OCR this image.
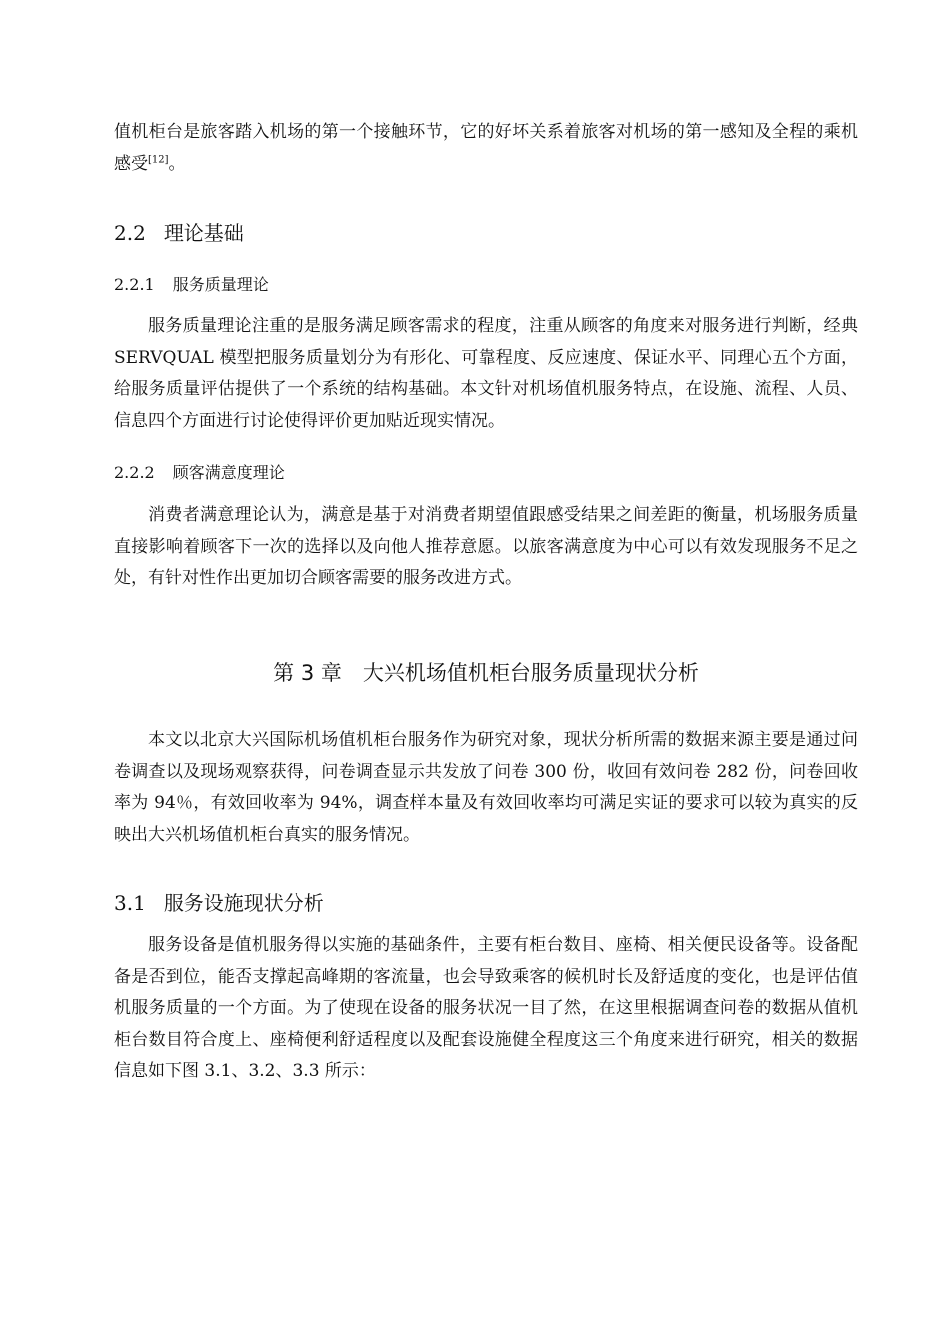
值机柜台是旅客踏入机场的第一个接触环节，它的好坏关系着旅客对机场的第一感知及全程的乘机感受[12]。

2.2 理论基础

2.2.1 服务质量理论

服务质量理论注重的是服务满足顾客需求的程度，注重从顾客的角度来对服务进行判断，经典 SERVQUAL 模型把服务质量划分为有形化、可靠程度、反应速度、保证水平、同理心五个方面，给服务质量评估提供了一个系统的结构基础。本文针对机场值机服务特点，在设施、流程、人员、信息四个方面进行讨论使得评价更加贴近现实情况。

2.2.2 顾客满意度理论

消费者满意理论认为，满意是基于对消费者期望值跟感受结果之间差距的衡量，机场服务质量直接影响着顾客下一次的选择以及向他人推荐意愿。以旅客满意度为中心可以有效发现服务不足之处，有针对性作出更加切合顾客需要的服务改进方式。

第 3 章　大兴机场值机柜台服务质量现状分析

本文以北京大兴国际机场值机柜台服务作为研究对象，现状分析所需的数据来源主要是通过问卷调查以及现场观察获得，问卷调查显示共发放了问卷 300 份，收回有效问卷 282 份，问卷回收率为 94％，有效回收率为 94%，调查样本量及有效回收率均可满足实证的要求可以较为真实的反映出大兴机场值机柜台真实的服务情况。

3.1 服务设施现状分析

服务设备是值机服务得以实施的基础条件，主要有柜台数目、座椅、相关便民设备等。设备配备是否到位，能否支撑起高峰期的客流量，也会导致乘客的候机时长及舒适度的变化，也是评估值机服务质量的一个方面。为了使现在设备的服务状况一目了然，在这里根据调查问卷的数据从值机柜台数目符合度上、座椅便利舒适程度以及配套设施健全程度这三个角度来进行研究，相关的数据信息如下图 3.1、3.2、3.3 所示：
